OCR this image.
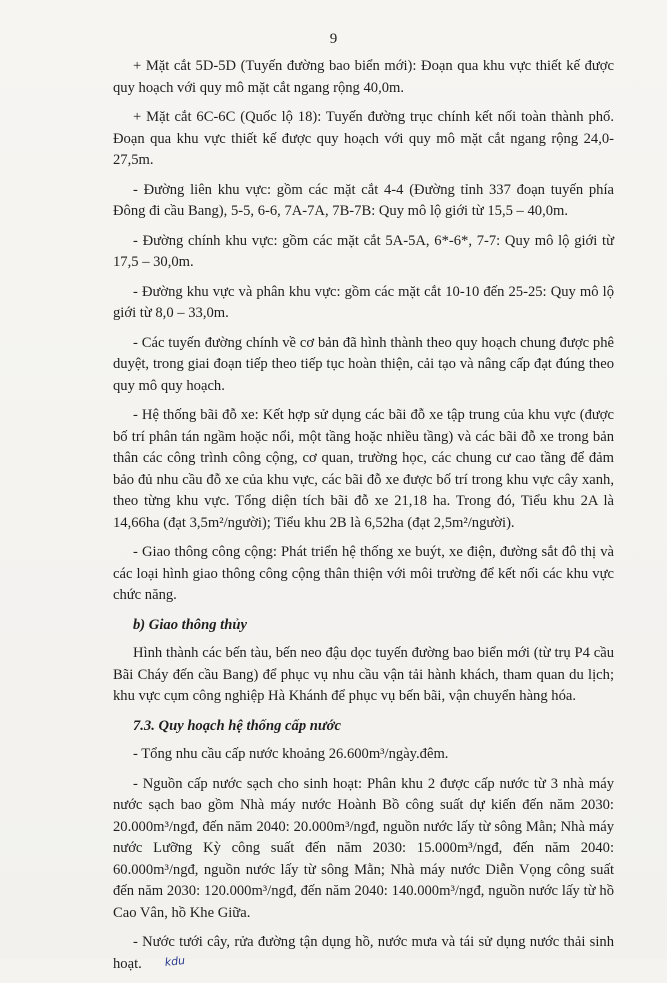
9

+ Mặt cắt 5D-5D (Tuyến đường bao biển mới): Đoạn qua khu vực thiết kế được quy hoạch với quy mô mặt cắt ngang rộng 40,0m.

+ Mặt cắt 6C-6C (Quốc lộ 18): Tuyến đường trục chính kết nối toàn thành phố. Đoạn qua khu vực thiết kế được quy hoạch với quy mô mặt cắt ngang rộng 24,0-27,5m.

- Đường liên khu vực: gồm các mặt cắt 4-4 (Đường tỉnh 337 đoạn tuyến phía Đông đi cầu Bang), 5-5, 6-6, 7A-7A, 7B-7B: Quy mô lộ giới từ 15,5 – 40,0m.

- Đường chính khu vực: gồm các mặt cắt 5A-5A, 6*-6*, 7-7: Quy mô lộ giới từ 17,5 – 30,0m.

- Đường khu vực và phân khu vực: gồm các mặt cắt 10-10 đến 25-25: Quy mô lộ giới từ 8,0 – 33,0m.

- Các tuyến đường chính về cơ bản đã hình thành theo quy hoạch chung được phê duyệt, trong giai đoạn tiếp theo tiếp tục hoàn thiện, cải tạo và nâng cấp đạt đúng theo quy mô quy hoạch.

- Hệ thống bãi đỗ xe: Kết hợp sử dụng các bãi đỗ xe tập trung của khu vực (được bố trí phân tán ngầm hoặc nổi, một tầng hoặc nhiều tầng) và các bãi đỗ xe trong bản thân các công trình công cộng, cơ quan, trường học, các chung cư cao tầng để đảm bảo đủ nhu cầu đỗ xe của khu vực, các bãi đỗ xe được bố trí trong khu vực cây xanh, theo từng khu vực. Tổng diện tích bãi đỗ xe 21,18 ha. Trong đó, Tiểu khu 2A là 14,66ha (đạt 3,5m²/người); Tiểu khu 2B là 6,52ha (đạt 2,5m²/người).

- Giao thông công cộng: Phát triển hệ thống xe buýt, xe điện, đường sắt đô thị và các loại hình giao thông công cộng thân thiện với môi trường để kết nối các khu vực chức năng.

b) Giao thông thủy

Hình thành các bến tàu, bến neo đậu dọc tuyến đường bao biển mới (từ trụ P4 cầu Bãi Cháy đến cầu Bang) để phục vụ nhu cầu vận tải hành khách, tham quan du lịch; khu vực cụm công nghiệp Hà Khánh để phục vụ bến bãi, vận chuyển hàng hóa.

7.3. Quy hoạch hệ thống cấp nước

- Tổng nhu cầu cấp nước khoảng 26.600m³/ngày.đêm.

- Nguồn cấp nước sạch cho sinh hoạt: Phân khu 2 được cấp nước từ 3 nhà máy nước sạch bao gồm Nhà máy nước Hoành Bồ công suất dự kiến đến năm 2030: 20.000m³/ngđ, đến năm 2040: 20.000m³/ngđ, nguồn nước lấy từ sông Mằn; Nhà máy nước Lưỡng Kỳ công suất đến năm 2030: 15.000m³/ngđ, đến năm 2040: 60.000m³/ngđ, nguồn nước lấy từ sông Mằn; Nhà máy nước Diễn Vọng công suất đến năm 2030: 120.000m³/ngđ, đến năm 2040: 140.000m³/ngđ, nguồn nước lấy từ hồ Cao Vân, hồ Khe Giữa.

- Nước tưới cây, rửa đường tận dụng hồ, nước mưa và tái sử dụng nước thải sinh hoạt. kdu
